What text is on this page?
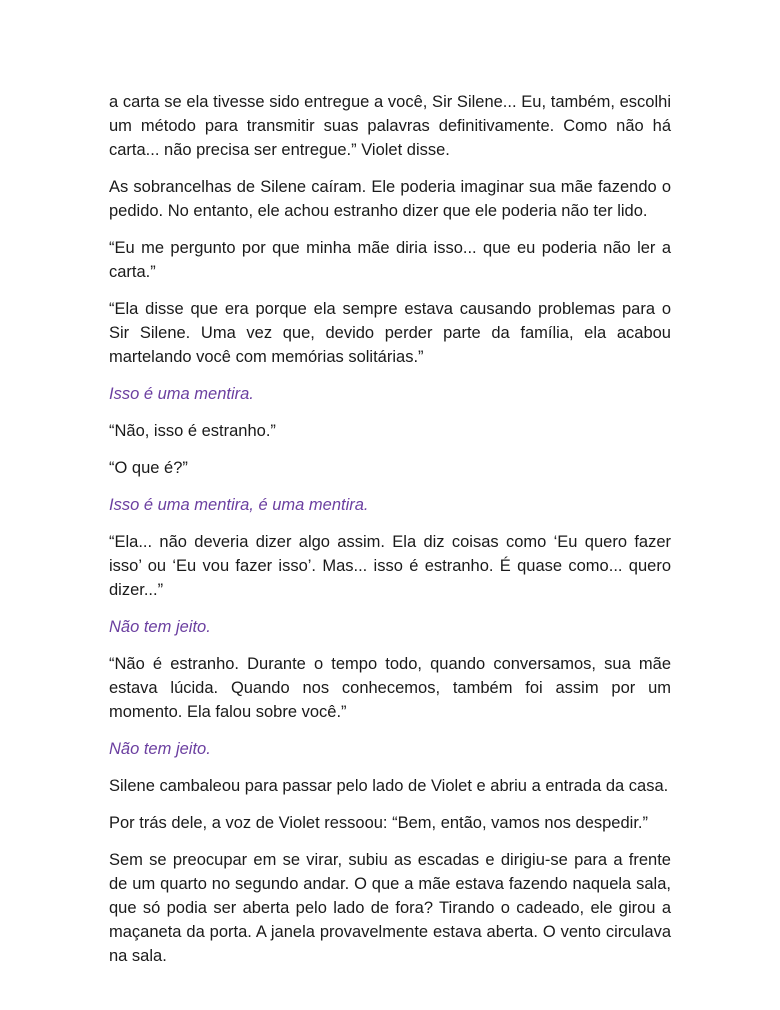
a carta se ela tivesse sido entregue a você, Sir Silene... Eu, também, escolhi um método para transmitir suas palavras definitivamente. Como não há carta... não precisa ser entregue.” Violet disse.

As sobrancelhas de Silene caíram. Ele poderia imaginar sua mãe fazendo o pedido. No entanto, ele achou estranho dizer que ele poderia não ter lido.

“Eu me pergunto por que minha mãe diria isso... que eu poderia não ler a carta.”

“Ela disse que era porque ela sempre estava causando problemas para o Sir Silene. Uma vez que, devido perder parte da família, ela acabou martelando você com memórias solitárias.”

Isso é uma mentira.

“Não, isso é estranho.”

“O que é?”

Isso é uma mentira, é uma mentira.

“Ela... não deveria dizer algo assim. Ela diz coisas como ‘Eu quero fazer isso’ ou ‘Eu vou fazer isso’. Mas... isso é estranho. É quase como... quero dizer...”

Não tem jeito.

“Não é estranho. Durante o tempo todo, quando conversamos, sua mãe estava lúcida. Quando nos conhecemos, também foi assim por um momento. Ela falou sobre você.”

Não tem jeito.

Silene cambaleou para passar pelo lado de Violet e abriu a entrada da casa.

Por trás dele, a voz de Violet ressoou: “Bem, então, vamos nos despedir.”

Sem se preocupar em se virar, subiu as escadas e dirigiu-se para a frente de um quarto no segundo andar. O que a mãe estava fazendo naquela sala, que só podia ser aberta pelo lado de fora? Tirando o cadeado, ele girou a maçaneta da porta. A janela provavelmente estava aberta. O vento circulava na sala.
